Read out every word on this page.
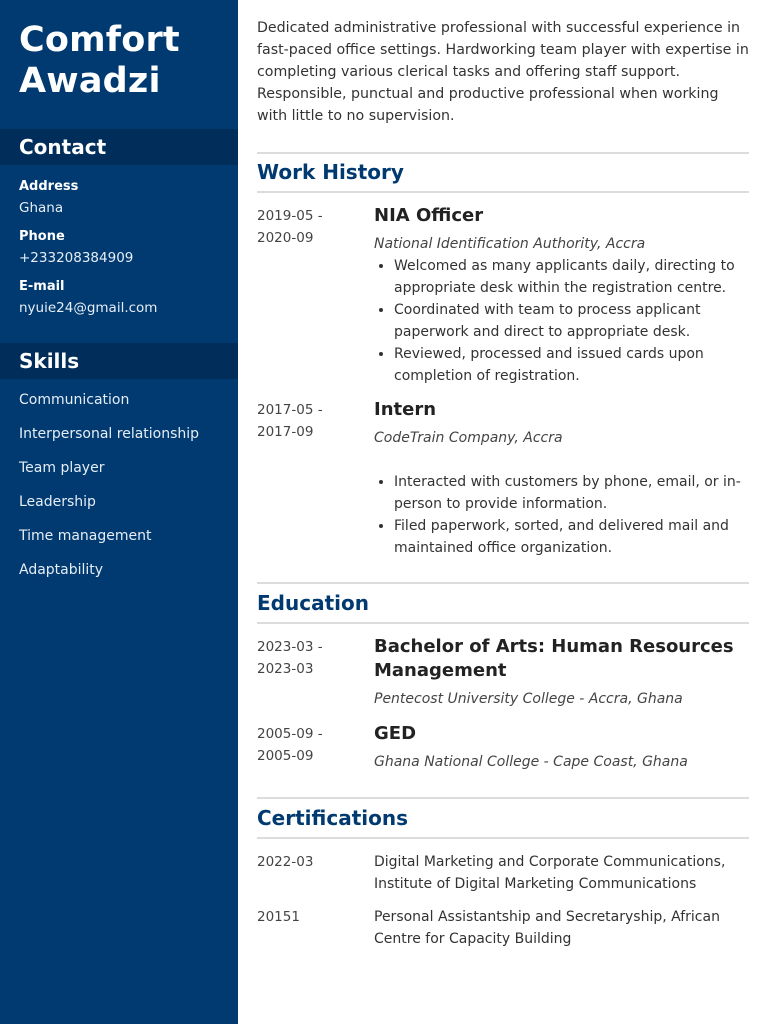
Comfort
Awadzi
Contact
Address
Ghana
Phone
+233208384909
E-mail
nyuie24@gmail.com
Skills
Communication
Interpersonal relationship
Team player
Leadership
Time management
Adaptability

Dedicated administrative professional with successful experience in fast-paced office settings. Hardworking team player with expertise in completing various clerical tasks and offering staff support. Responsible, punctual and productive professional when working with little to no supervision.

Work History
2019-05 -
2020-09
NIA Officer
National Identification Authority, Accra
• Welcomed as many applicants daily, directing to appropriate desk within the registration centre.
• Coordinated with team to process applicant paperwork and direct to appropriate desk.
• Reviewed, processed and issued cards upon completion of registration.
2017-05 -
2017-09
Intern
CodeTrain Company, Accra
• Interacted with customers by phone, email, or in-person to provide information.
• Filed paperwork, sorted, and delivered mail and maintained office organization.
Education
2023-03 -
2023-03
Bachelor of Arts: Human Resources
Management
Pentecost University College - Accra, Ghana
2005-09 -
2005-09
GED
Ghana National College - Cape Coast, Ghana
Certifications
2022-03	Digital Marketing and Corporate Communications, Institute of Digital Marketing Communications
20151	Personal Assistantship and Secretaryship, African Centre for Capacity Building
